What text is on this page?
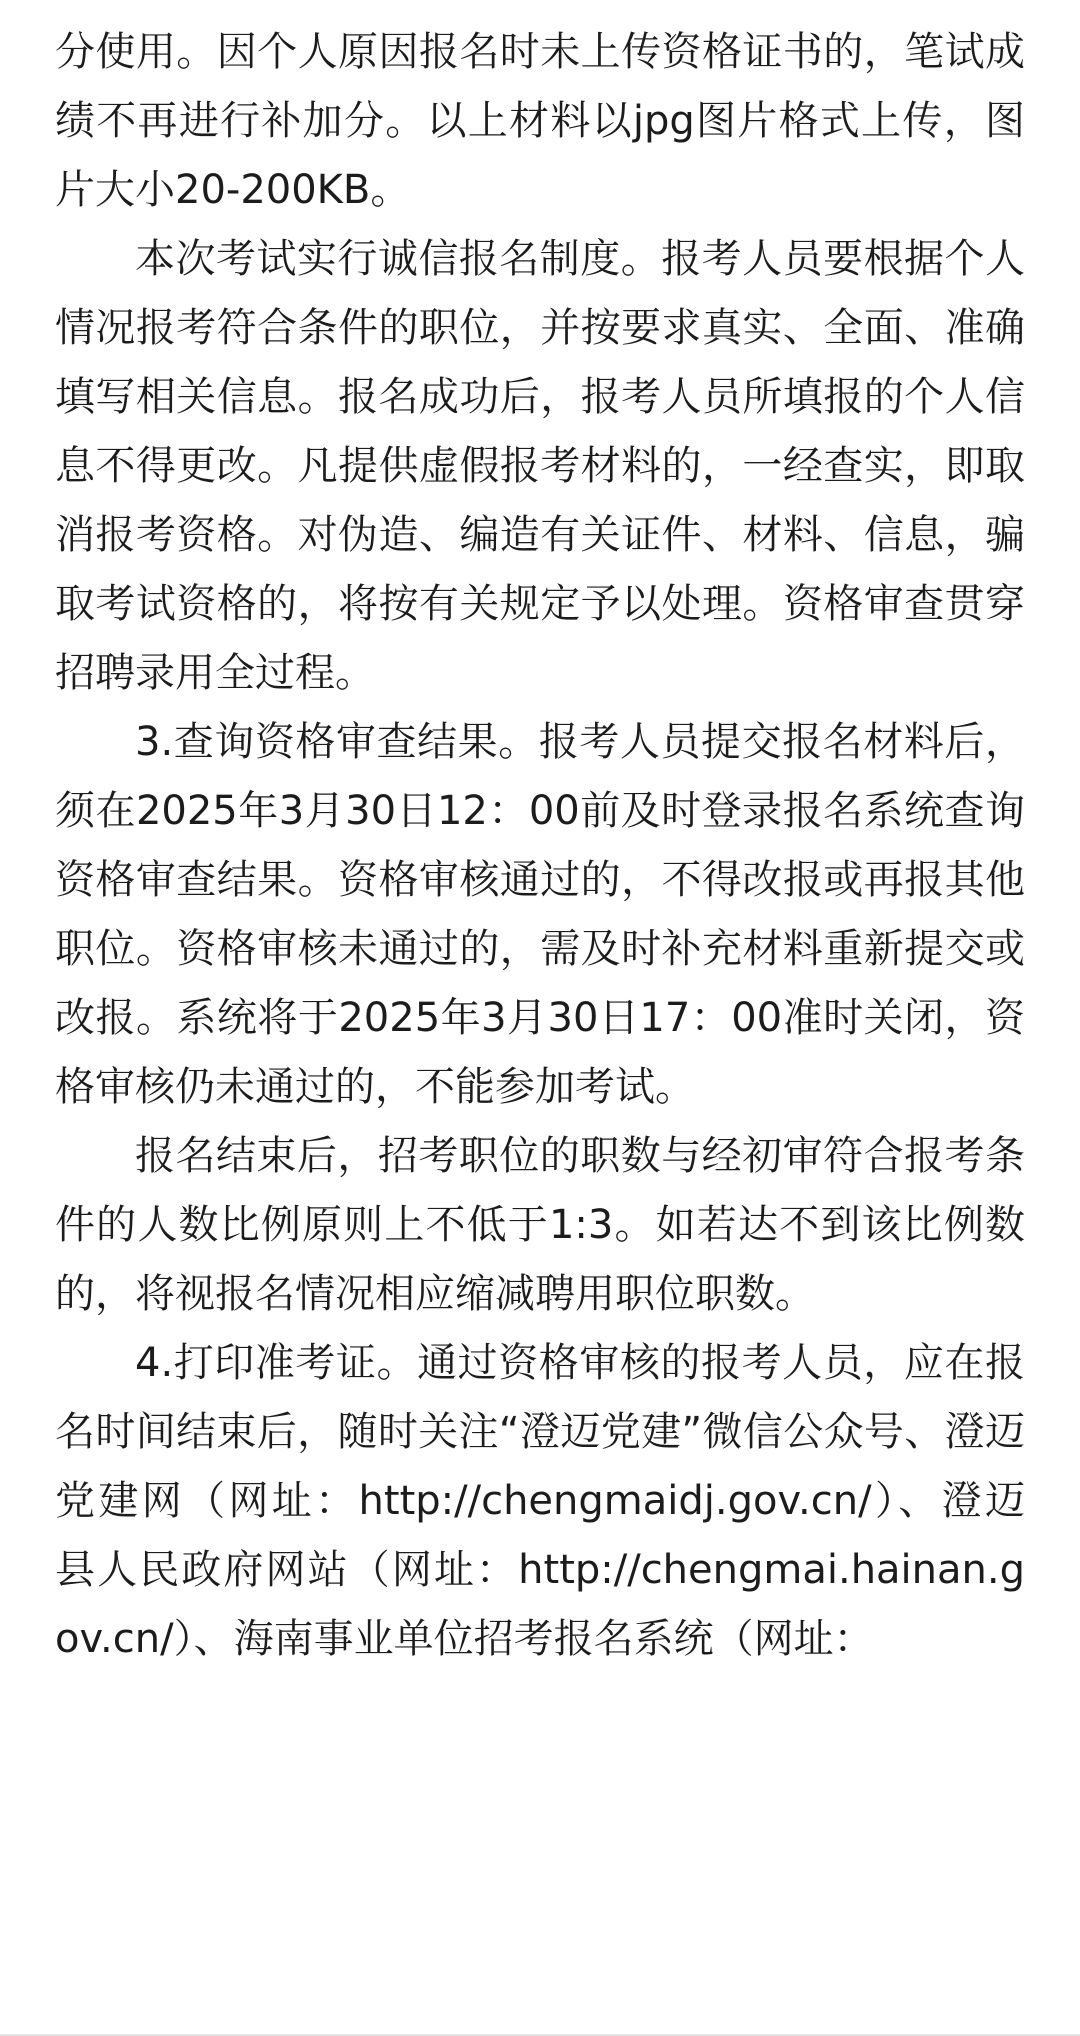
分使用。因个人原因报名时未上传资格证书的，笔试成绩不再进行补加分。以上材料以jpg图片格式上传，图片大小20-200KB。

本次考试实行诚信报名制度。报考人员要根据个人情况报考符合条件的职位，并按要求真实、全面、准确填写相关信息。报名成功后，报考人员所填报的个人信息不得更改。凡提供虚假报考材料的，一经查实，即取消报考资格。对伪造、编造有关证件、材料、信息，骗取考试资格的，将按有关规定予以处理。资格审查贯穿招聘录用全过程。

3.查询资格审查结果。报考人员提交报名材料后，须在2025年3月30日12：00前及时登录报名系统查询资格审查结果。资格审核通过的，不得改报或再报其他职位。资格审核未通过的，需及时补充材料重新提交或改报。系统将于2025年3月30日17：00准时关闭，资格审核仍未通过的，不能参加考试。

报名结束后，招考职位的职数与经初审符合报考条件的人数比例原则上不低于1:3。如若达不到该比例数的，将视报名情况相应缩减聘用职位职数。

4.打印准考证。通过资格审核的报考人员，应在报名时间结束后，随时关注“澄迈党建”微信公众号、澄迈党建网（网址：http://chengmaidj.gov.cn/）、澄迈县人民政府网站（网址：http://chengmai.hainan.gov.cn/）、海南事业单位招考报名系统（网址：
